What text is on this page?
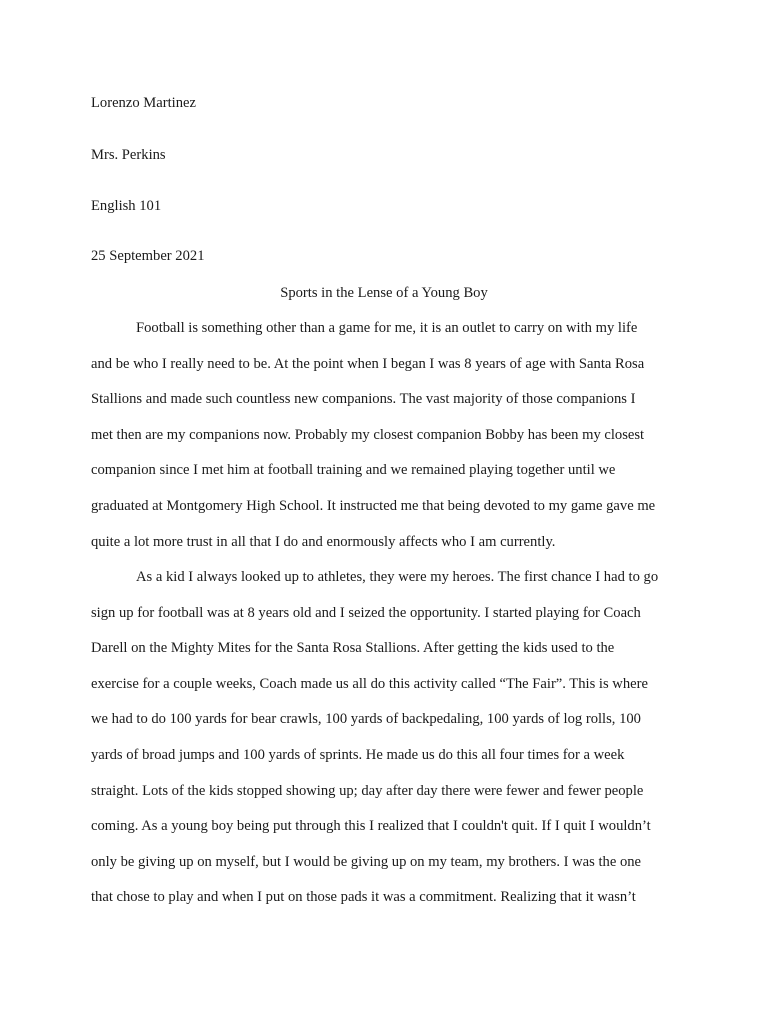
Lorenzo Martinez
Mrs. Perkins
English 101
25 September 2021
Sports in the Lense of a Young Boy
Football is something other than a game for me, it is an outlet to carry on with my life
and be who I really need to be. At the point when I began I was 8 years of age with Santa Rosa
Stallions and made such countless new companions. The vast majority of those companions I
met then are my companions now. Probably my closest companion Bobby has been my closest
companion since I met him at football training and we remained playing together until we
graduated at Montgomery High School. It instructed me that being devoted to my game gave me
quite a lot more trust in all that I do and enormously affects who I am currently.
As a kid I always looked up to athletes, they were my heroes. The first chance I had to go
sign up for football was at 8 years old and I seized the opportunity. I started playing for Coach
Darell on the Mighty Mites for the Santa Rosa Stallions. After getting the kids used to the
exercise for a couple weeks, Coach made us all do this activity called “The Fair”. This is where
we had to do 100 yards for bear crawls, 100 yards of backpedaling, 100 yards of log rolls, 100
yards of broad jumps and 100 yards of sprints. He made us do this all four times for a week
straight. Lots of the kids stopped showing up; day after day there were fewer and fewer people
coming. As a young boy being put through this I realized that I couldn't quit. If I quit I wouldn’t
only be giving up on myself, but I would be giving up on my team, my brothers. I was the one
that chose to play and when I put on those pads it was a commitment. Realizing that it wasn’t
